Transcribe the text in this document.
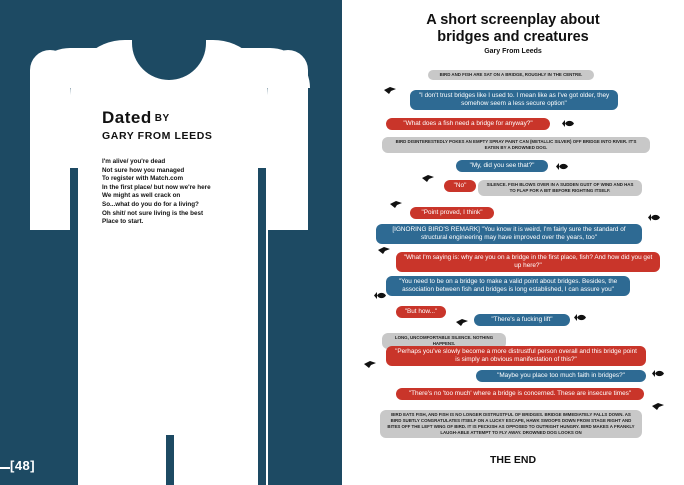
Dated BY
GARY FROM LEEDS
I'm alive/ you're dead
Not sure how you managed
To register with Match.com
In the first place/ but now we're here
We might as well crack on
So...what do you do for a living?
Oh shit/ not sure living is the best
Place to start.
[48]
A short screenplay about bridges and creatures
Gary From Leeds
BIRD AND FISH ARE SAT ON A BRIDGE, ROUGHLY IN THE CENTRE.
"I don't trust bridges like I used to. I mean like as I've got older, they somehow seem a less secure option"
"What does a fish need a bridge for anyway?"
BIRD DISINTERESTEDLY POKES AN EMPTY SPRAY PAINT CAN (METALLIC SILVER) OFF BRIDGE INTO RIVER. IT'S EATEN BY A DROWNED DOG.
"My, did you see that?"
"No"	SILENCE. FISH BLOWS OVER IN A SUDDEN GUST OF WIND AND HAS TO FLAP FOR A BIT BEFORE RIGHTING ITSELF.
"Point proved, I think"
[IGNORING BIRD'S REMARK] "You know it is weird, I'm fairly sure the standard of structural engineering may have improved over the years, too"
"What I'm saying is: why are you on a bridge in the first place, fish? And how did you get up here?"
"You need to be on a bridge to make a valid point about bridges. Besides, the association between fish and bridges is long established, I can assure you"
"But how..."
"There's a fucking lift"
LONG, UNCOMFORTABLE SILENCE. NOTHING HAPPENS.
"Perhaps you've slowly become a more distrustful person overall and this bridge point is simply an obvious manifestation of this?"
"Maybe you place too much faith in bridges?"
"There's no 'too much' where a bridge is concerned. These are insecure times"
BIRD EATS FISH, AND FISH IS NO LONGER DISTRUSTFUL OF BRIDGES. BRIDGE IMMEDIATELY FALLS DOWN. AS BIRD SUBTLY CONGRATULATES ITSELF ON A LUCKY ESCAPE, HAWK SWOOPS DOWN FROM STAGE RIGHT AND BITES OFF THE LEFT WING OF BIRD. IT IS PECKISH AS OPPOSED TO OUTRIGHT HUNGRY. BIRD MAKES A FRANKLY LAUGH-ABLE ATTEMPT TO FLY AWAY. DROWNED DOG LOOKS ON
THE END
